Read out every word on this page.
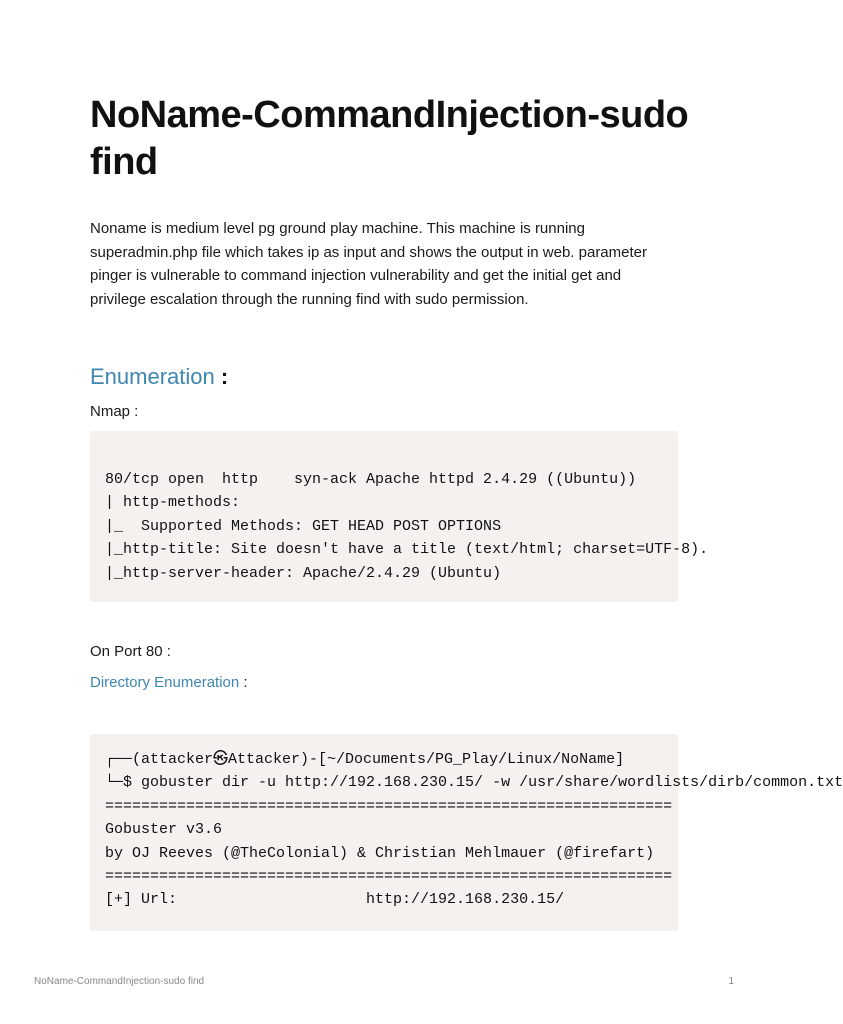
NoName-CommandInjection-sudo find

Noname is medium level pg ground play machine. This machine is running superadmin.php file which takes ip as input and shows the output in web. parameter pinger is vulnerable to command injection vulnerability and get the initial get and privilege escalation through the running find with sudo permission.

Enumeration :

Nmap :

80/tcp open  http    syn-ack Apache httpd 2.4.29 ((Ubuntu))
| http-methods:
|_  Supported Methods: GET HEAD POST OPTIONS
|_http-title: Site doesn't have a title (text/html; charset=UTF-8).
|_http-server-header: Apache/2.4.29 (Ubuntu)

On Port 80 :

Directory Enumeration :

┌──(attacker㉿Attacker)-[~/Documents/PG_Play/Linux/NoName]
└─$ gobuster dir -u http://192.168.230.15/ -w /usr/share/wordlists/dirb/common.txt
===============================================================
Gobuster v3.6
by OJ Reeves (@TheColonial) & Christian Mehlmauer (@firefart)
===============================================================
[+] Url:                     http://192.168.230.15/
NoName-CommandInjection-sudo find	1
